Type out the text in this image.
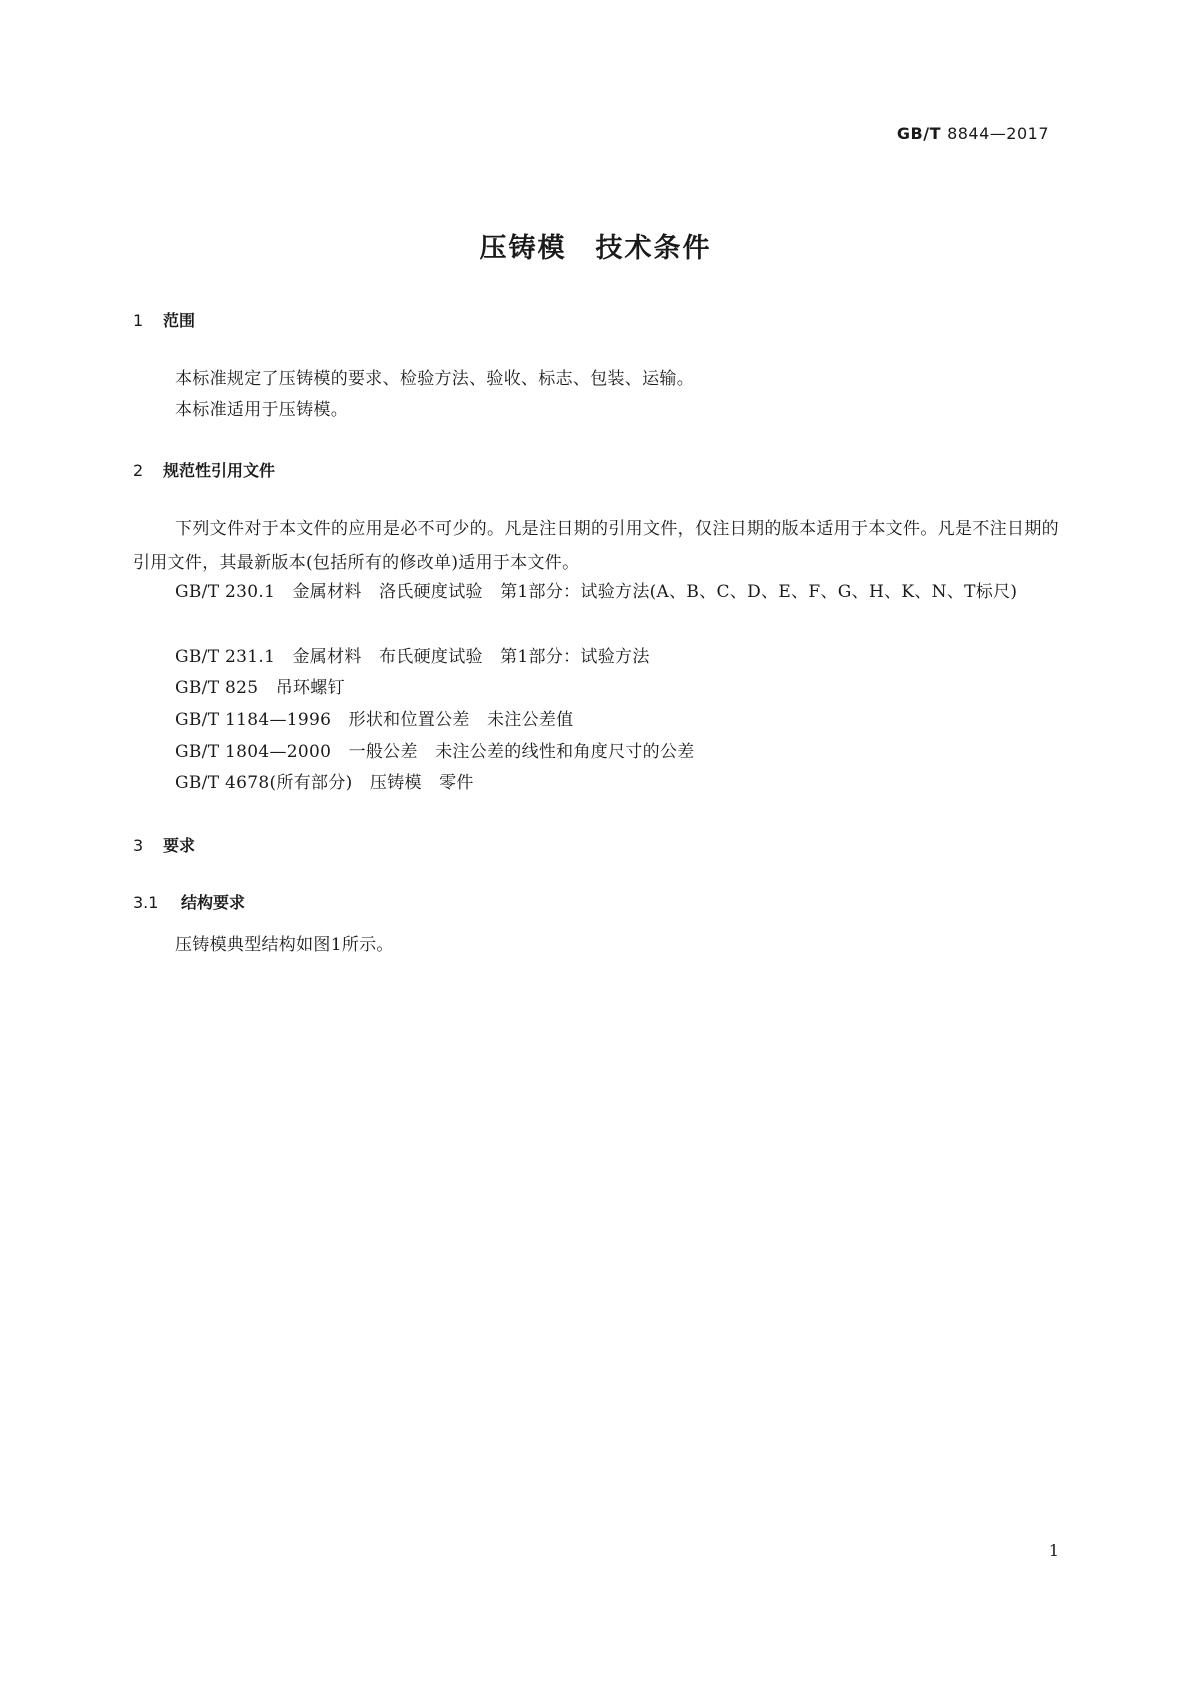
GB/T 8844—2017
压铸模　技术条件
1 范围

本标准规定了压铸模的要求、检验方法、验收、标志、包装、运输。

本标准适用于压铸模。

2 规范性引用文件

下列文件对于本文件的应用是必不可少的。凡是注日期的引用文件，仅注日期的版本适用于本文件。凡是不注日期的引用文件，其最新版本(包括所有的修改单)适用于本文件。

GB/T 230.1　金属材料　洛氏硬度试验　第1部分：试验方法(A、B、C、D、E、F、G、H、K、N、T标尺)

GB/T 231.1　金属材料　布氏硬度试验　第1部分：试验方法

GB/T 825　吊环螺钉

GB/T 1184—1996　形状和位置公差　未注公差值

GB/T 1804—2000　一般公差　未注公差的线性和角度尺寸的公差

GB/T 4678(所有部分)　压铸模　零件

3 要求
3.1 结构要求

压铸模典型结构如图1所示。

1
